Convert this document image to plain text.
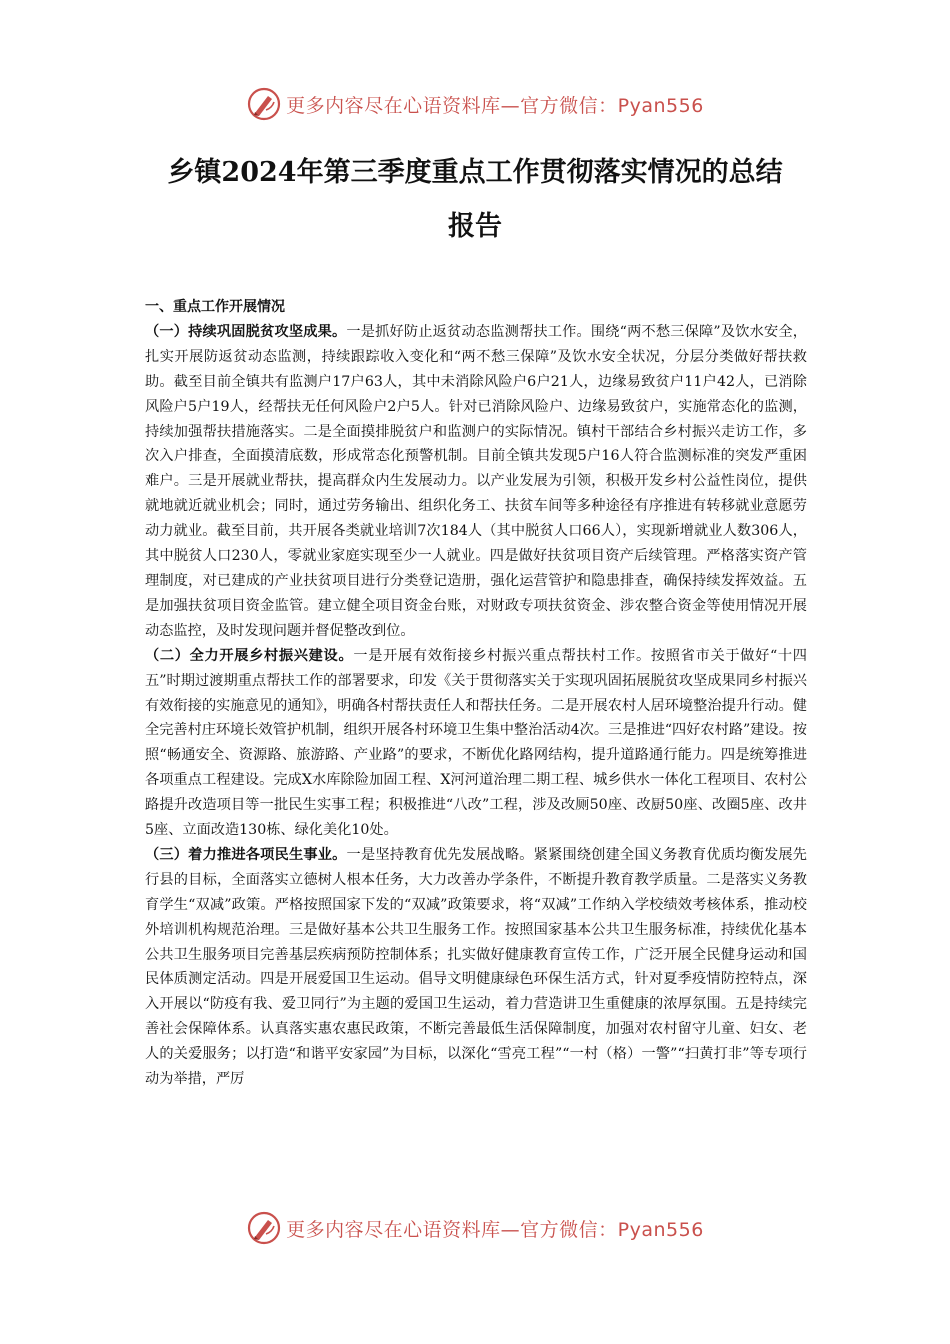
更多内容尽在心语资料库—官方微信：Pyan556
乡镇2024年第三季度重点工作贯彻落实情况的总结
报告

一、重点工作开展情况

（一）持续巩固脱贫攻坚成果。一是抓好防止返贫动态监测帮扶工作。围绕“两不愁三保障”及饮水安全，扎实开展防返贫动态监测，持续跟踪收入变化和“两不愁三保障”及饮水安全状况，分层分类做好帮扶救助。截至目前全镇共有监测户17户63人，其中未消除风险户6户21人，边缘易致贫户11户42人，已消除风险户5户19人，经帮扶无任何风险户2户5人。针对已消除风险户、边缘易致贫户，实施常态化的监测，持续加强帮扶措施落实。二是全面摸排脱贫户和监测户的实际情况。镇村干部结合乡村振兴走访工作，多次入户排查，全面摸清底数，形成常态化预警机制。目前全镇共发现5户16人符合监测标准的突发严重困难户。三是开展就业帮扶，提高群众内生发展动力。以产业发展为引领，积极开发乡村公益性岗位，提供就地就近就业机会；同时，通过劳务输出、组织化务工、扶贫车间等多种途径有序推进有转移就业意愿劳动力就业。截至目前，共开展各类就业培训7次184人（其中脱贫人口66人），实现新增就业人数306人，其中脱贫人口230人，零就业家庭实现至少一人就业。四是做好扶贫项目资产后续管理。严格落实资产管理制度，对已建成的产业扶贫项目进行分类登记造册，强化运营管护和隐患排查，确保持续发挥效益。五是加强扶贫项目资金监管。建立健全项目资金台账，对财政专项扶贫资金、涉农整合资金等使用情况开展动态监控，及时发现问题并督促整改到位。

（二）全力开展乡村振兴建设。一是开展有效衔接乡村振兴重点帮扶村工作。按照省市关于做好“十四五”时期过渡期重点帮扶工作的部署要求，印发《关于贯彻落实关于实现巩固拓展脱贫攻坚成果同乡村振兴有效衔接的实施意见的通知》，明确各村帮扶责任人和帮扶任务。二是开展农村人居环境整治提升行动。健全完善村庄环境长效管护机制，组织开展各村环境卫生集中整治活动4次。三是推进“四好农村路”建设。按照“畅通安全、资源路、旅游路、产业路”的要求，不断优化路网结构，提升道路通行能力。四是统筹推进各项重点工程建设。完成X水库除险加固工程、X河河道治理二期工程、城乡供水一体化工程项目、农村公路提升改造项目等一批民生实事工程；积极推进“八改”工程，涉及改厕50座、改厨50座、改圈5座、改井5座、立面改造130栋、绿化美化10处。

（三）着力推进各项民生事业。一是坚持教育优先发展战略。紧紧围绕创建全国义务教育优质均衡发展先行县的目标，全面落实立德树人根本任务，大力改善办学条件，不断提升教育教学质量。二是落实义务教育学生“双减”政策。严格按照国家下发的“双减”政策要求，将“双减”工作纳入学校绩效考核体系，推动校外培训机构规范治理。三是做好基本公共卫生服务工作。按照国家基本公共卫生服务标准，持续优化基本公共卫生服务项目完善基层疾病预防控制体系；扎实做好健康教育宣传工作，广泛开展全民健身运动和国民体质测定活动。四是开展爱国卫生运动。倡导文明健康绿色环保生活方式，针对夏季疫情防控特点，深入开展以“防疫有我、爱卫同行”为主题的爱国卫生运动，着力营造讲卫生重健康的浓厚氛围。五是持续完善社会保障体系。认真落实惠农惠民政策，不断完善最低生活保障制度，加强对农村留守儿童、妇女、老人的关爱服务；以打造“和谐平安家园”为目标，以深化“雪亮工程”“一村（格）一警”“扫黄打非”等专项行动为举措，严厉

更多内容尽在心语资料库—官方微信：Pyan556
